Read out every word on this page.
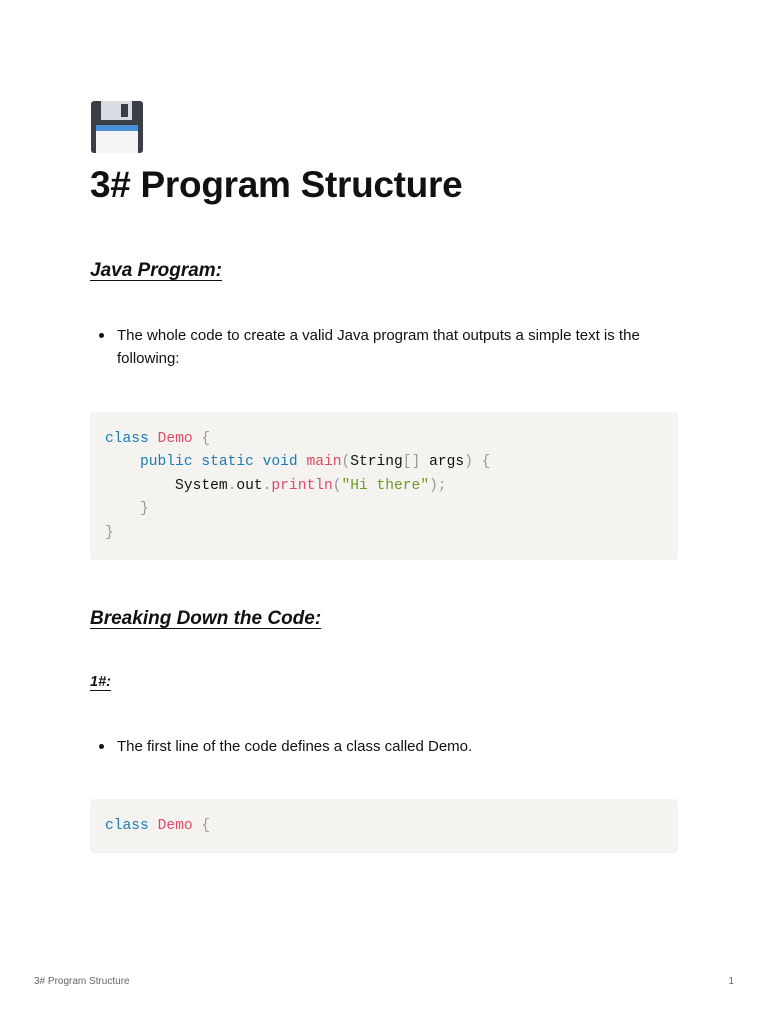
3# Program Structure
Java Program:
The whole code to create a valid Java program that outputs a simple text is the following:
class Demo {
public static void main(String[] args) {
System.out.println("Hi there");
}
}
Breaking Down the Code:
1#:
The first line of the code defines a class called Demo.
class Demo {
3# Program Structure	1
